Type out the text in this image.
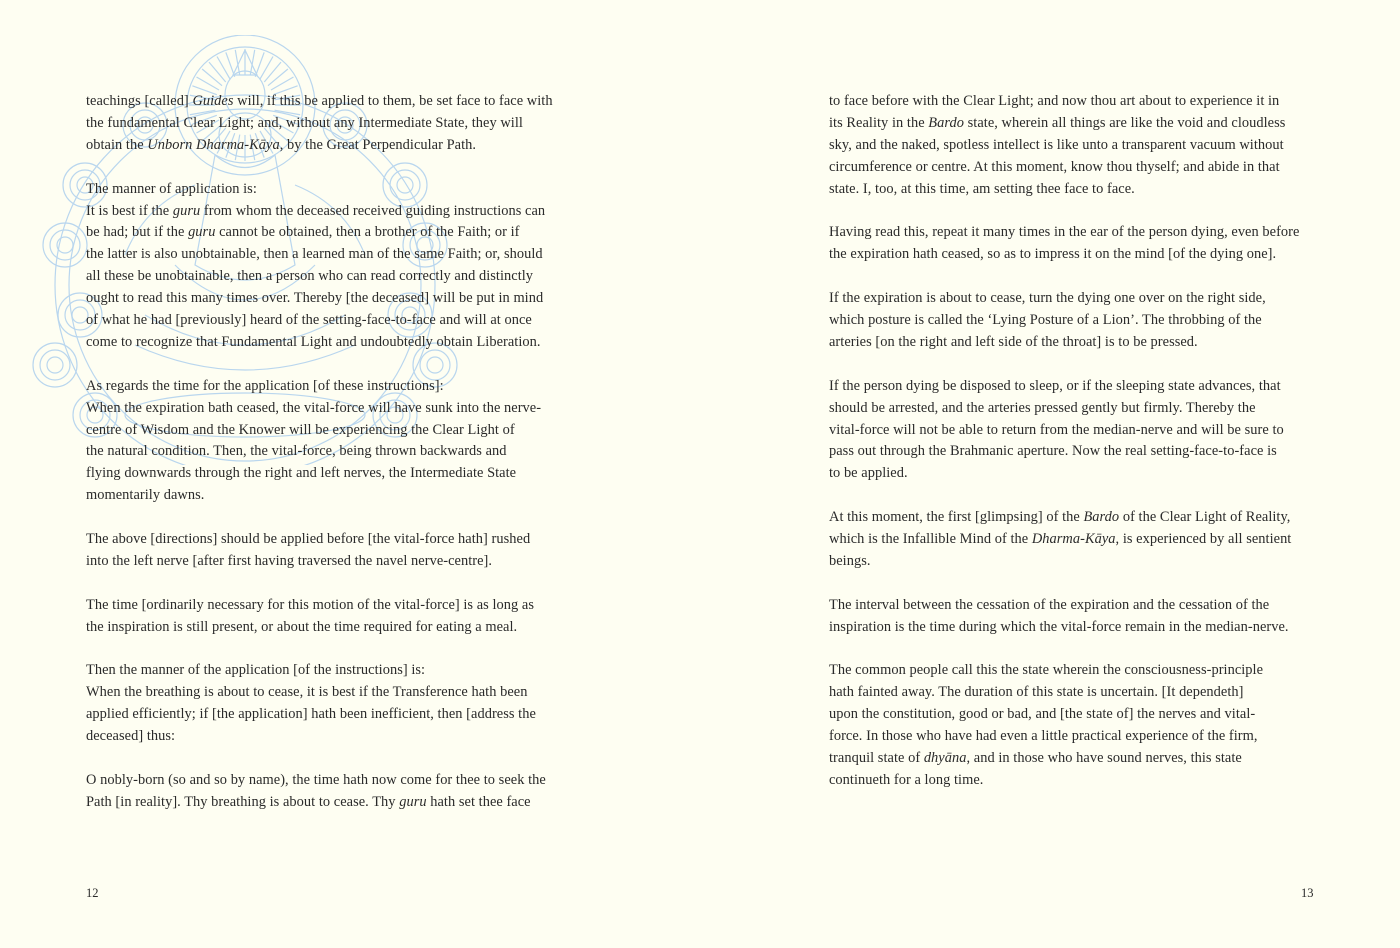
teachings [called] Guides will, if this be applied to them, be set face to face with
the fundamental Clear Light; and, without any Intermediate State, they will
obtain the Unborn Dharma-Kāya, by the Great Perpendicular Path.
The manner of application is:
It is best if the guru from whom the deceased received guiding instructions can
be had; but if the guru cannot be obtained, then a brother of the Faith; or if
the latter is also unobtainable, then a learned man of the same Faith; or, should
all these be unobtainable, then a person who can read correctly and distinctly
ought to read this many times over. Thereby [the deceased] will be put in mind
of what he had [previously] heard of the setting-face-to-face and will at once
come to recognize that Fundamental Light and undoubtedly obtain Liberation.
As regards the time for the application [of these instructions]:
When the expiration bath ceased, the vital-force will have sunk into the nerve-
centre of Wisdom and the Knower will be experiencing the Clear Light of
the natural condition. Then, the vital-force, being thrown backwards and
flying downwards through the right and left nerves, the Intermediate State
momentarily dawns.
The above [directions] should be applied before [the vital-force hath] rushed
into the left nerve [after first having traversed the navel nerve-centre].
The time [ordinarily necessary for this motion of the vital-force] is as long as
the inspiration is still present, or about the time required for eating a meal.
Then the manner of the application [of the instructions] is:
When the breathing is about to cease, it is best if the Transference hath been
applied efficiently; if [the application] hath been inefficient, then [address the
deceased] thus:
O nobly-born (so and so by name), the time hath now come for thee to seek the
Path [in reality]. Thy breathing is about to cease. Thy guru hath set thee face
12
to face before with the Clear Light; and now thou art about to experience it in
its Reality in the Bardo state, wherein all things are like the void and cloudless
sky, and the naked, spotless intellect is like unto a transparent vacuum without
circumference or centre. At this moment, know thou thyself; and abide in that
state. I, too, at this time, am setting thee face to face.
Having read this, repeat it many times in the ear of the person dying, even before
the expiration hath ceased, so as to impress it on the mind [of the dying one].
If the expiration is about to cease, turn the dying one over on the right side,
which posture is called the ‘Lying Posture of a Lion’. The throbbing of the
arteries [on the right and left side of the throat] is to be pressed.
If the person dying be disposed to sleep, or if the sleeping state advances, that
should be arrested, and the arteries pressed gently but firmly. Thereby the
vital-force will not be able to return from the median-nerve and will be sure to
pass out through the Brahmanic aperture. Now the real setting-face-to-face is
to be applied.
At this moment, the first [glimpsing] of the Bardo of the Clear Light of Reality,
which is the Infallible Mind of the Dharma-Kāya, is experienced by all sentient
beings.
The interval between the cessation of the expiration and the cessation of the
inspiration is the time during which the vital-force remain in the median-nerve.
The common people call this the state wherein the consciousness-principle
hath fainted away. The duration of this state is uncertain. [It dependeth]
upon the constitution, good or bad, and [the state of] the nerves and vital-
force. In those who have had even a little practical experience of the firm,
tranquil state of dhyāna, and in those who have sound nerves, this state
continueth for a long time.
13
